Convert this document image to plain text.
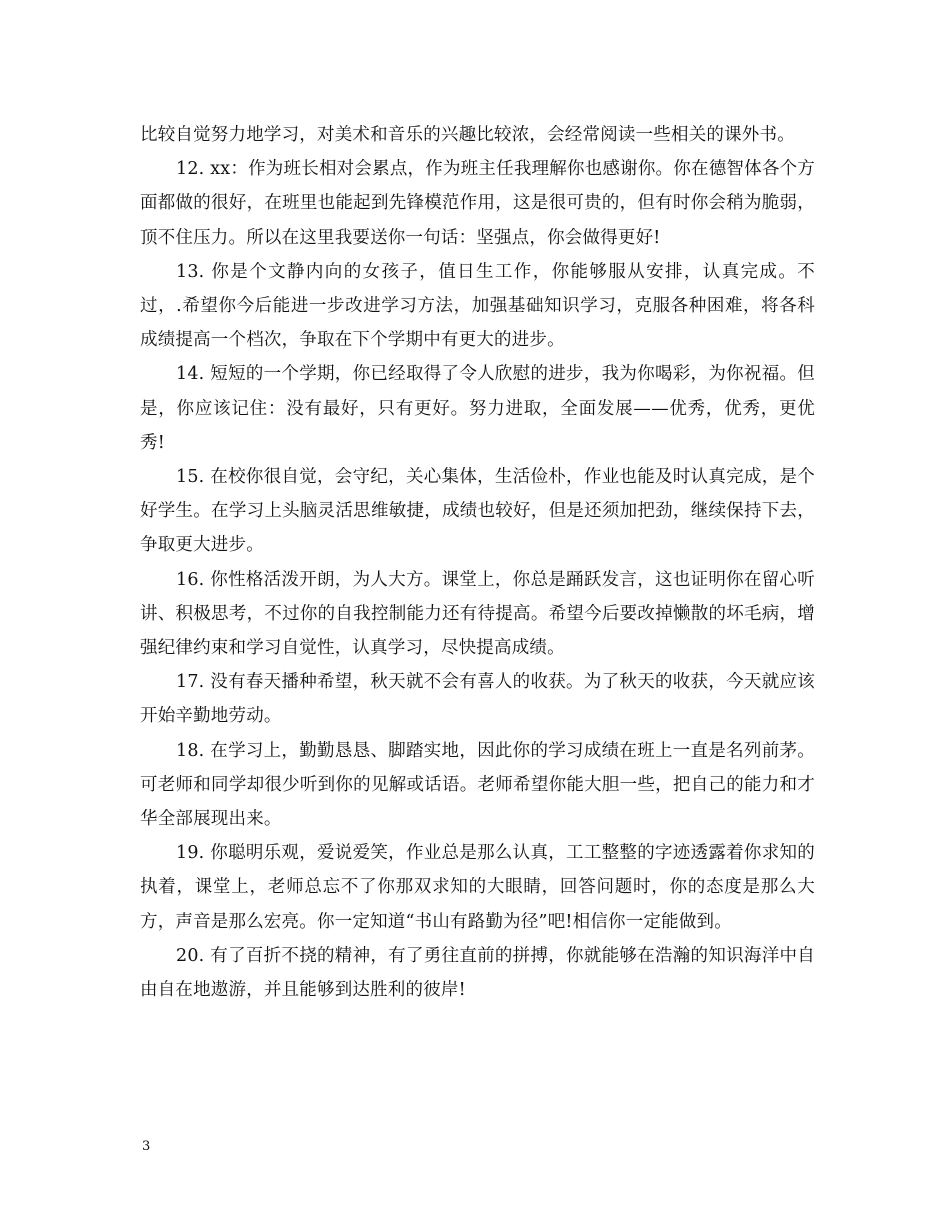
比较自觉努力地学习，对美术和音乐的兴趣比较浓，会经常阅读一些相关的课外书。

12. xx：作为班长相对会累点，作为班主任我理解你也感谢你。你在德智体各个方面都做的很好，在班里也能起到先锋模范作用，这是很可贵的，但有时你会稍为脆弱，顶不住压力。所以在这里我要送你一句话：坚强点，你会做得更好!

13. 你是个文静内向的女孩子，值日生工作，你能够服从安排，认真完成。不过，.希望你今后能进一步改进学习方法，加强基础知识学习，克服各种困难，将各科成绩提高一个档次，争取在下个学期中有更大的进步。

14. 短短的一个学期，你已经取得了令人欣慰的进步，我为你喝彩，为你祝福。但是，你应该记住：没有最好，只有更好。努力进取，全面发展——优秀，优秀，更优秀!

15. 在校你很自觉，会守纪，关心集体，生活俭朴，作业也能及时认真完成，是个好学生。在学习上头脑灵活思维敏捷，成绩也较好，但是还须加把劲，继续保持下去，争取更大进步。

16. 你性格活泼开朗，为人大方。课堂上，你总是踊跃发言，这也证明你在留心听讲、积极思考，不过你的自我控制能力还有待提高。希望今后要改掉懒散的坏毛病，增强纪律约束和学习自觉性，认真学习，尽快提高成绩。

17. 没有春天播种希望，秋天就不会有喜人的收获。为了秋天的收获，今天就应该开始辛勤地劳动。

18. 在学习上，勤勤恳恳、脚踏实地，因此你的学习成绩在班上一直是名列前茅。可老师和同学却很少听到你的见解或话语。老师希望你能大胆一些，把自己的能力和才华全部展现出来。

19. 你聪明乐观，爱说爱笑，作业总是那么认真，工工整整的字迹透露着你求知的执着，课堂上，老师总忘不了你那双求知的大眼睛，回答问题时，你的态度是那么大方，声音是那么宏亮。你一定知道“书山有路勤为径”吧!相信你一定能做到。

20. 有了百折不挠的精神，有了勇往直前的拼搏，你就能够在浩瀚的知识海洋中自由自在地遨游，并且能够到达胜利的彼岸!

3
